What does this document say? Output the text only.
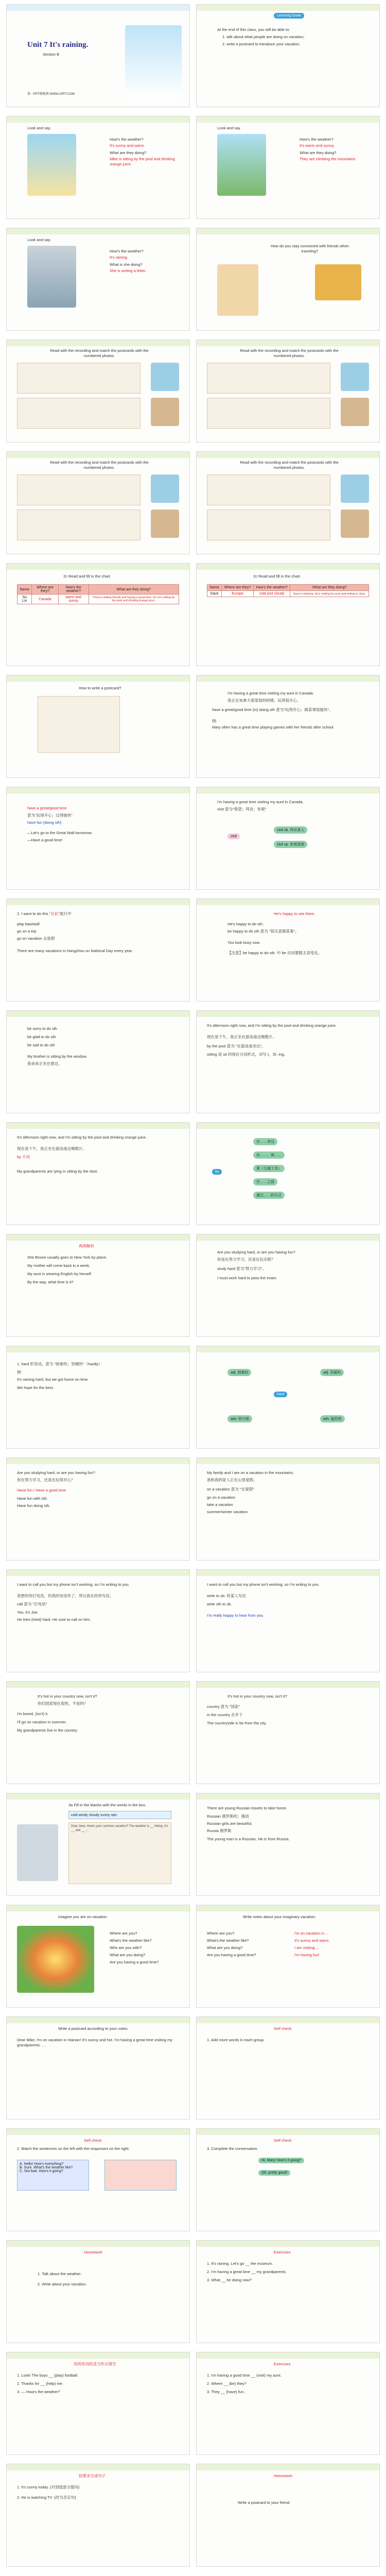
Unit 7 It's raining.
Section B
第一PPT模板网-WWW.1PPT.COM
Learning Goals
At the end of this class, you will be able to:
1. talk about what people are doing on vacation;
2. write a postcard to introduce your vacation.
Look and say.
How's the weather?
It's sunny and warm.
What are they doing?
Mike is sitting by the pool and drinking orange juice.
Look and say.
How's the weather?
It's warm and sunny.
What are they doing?
They are climbing the mountains.
Look and say.
How's the weather?
It's raining.
What is she doing?
She is writing a letter.
How do you stay connected with friends when traveling?
Read with the recording and match the postcards with the numbered photos.
Read with the recording and match the postcards with the numbered photos.
Read with the recording and match the postcards with the numbered photos.
Read with the recording and match the postcards with the numbered photos.
2c Read and fill in the chart.
Name	Where are they?	How's the weather?	What are they doing?
Su Lin	Canada	warm and sunny	They're visiting friends and having a great time. Su Lin's sitting by the pool and drinking orange juice.
2c Read and fill in the chart.
Name	Where are they?	How's the weather?	What are they doing?
Dave	Europe	cold and cloudy	Dave's studying. He's visiting his aunt and writing to Jane.
How to write a postcard?
I'm having a great time visiting my aunt in Canada.
我正在加拿大看望我的阿姨，玩得很开心。
have a great/good time (in) doing sth 意为"玩得开心；做某事很愉快"。
例:
Mary often has a great time playing games with her friends after school.
have a great/good time
意为"玩得开心；过得愉快"
have fun (doing sth)
—Let's go to the Great Wall tomorrow.
—Have a good time!
I'm having a great time visiting my aunt in Canada.
visit 意为"看望；拜访；参观"
visit
visit sb. 拜访某人
visit sp. 参观某地
2. I want to do this "在此"旅行中
play baseball
go on a trip
go on vacation 去度假
There are many vacations in Hangzhou on National Day every year.
He's happy to see them.
He's happy to do sth.
be happy to do sth 意为 "很乐意做某事"。
You look busy now.
【注意】be happy to do sth. 中 be 动词要随主语变化。
be sorry to do sth
be glad to do sth
be sad to do sth
My brother is sitting by the window.
我弟弟正坐在窗边。
It's afternoon right now, and I'm sitting by the pool and drinking orange juice.
现在是下午，我正坐在游泳池边喝橙汁。
by the pool 意为 "在游泳池旁边"。
sitting 是 sit 的现在分词形式，双写 t，加 -ing。
It's afternoon right now, and I'm sitting by the pool and drinking orange juice.
现在是下午，我正坐在游泳池边喝橙汁。
by 介词
My grandparents are lying in sitting by the door.	by
在……旁边
由……，被……
乘（交通工具）
在……之前
通过……的方式
典例解析
She Brown usually goes to New York by plane.
My mother will come back in a week.
My aunt is wearing English by herself.
By the way, what time is it?
Are you studying hard, or are you having fun?
你是在努力学习，还是在玩乐呢？
study hard 意为"努力学习"。
I must work hard to pass the exam.
1. hard 形容词，意为 "困难的；坚硬的"（hardly）
例：
It's raining hard, but we got home on time.
We hope for the best.
hard
adj. 困难的	adj. 坚硬的
adv. 努力地	adv. 猛烈地
Are you studying hard, or are you having fun?
你在努力学习，还是在玩得开心？
Have fun / Have a good time
Have fun with sth.
Have fun doing sth.
My family and I are on a vacation in the mountains.
我和我的家人正在山里度假。
on a vacation 意为 "在度假"
go on a vacation
take a vacation
summer/winter vacation
I want to call you but my phone isn't working, so I'm writing to you.
我想给你打电话，但我的电话坏了，所以我在给你写信。
call 意为 "打电话"
Yes, it's Joe.
He tries (tried) hard. He sure to call on him.
I want to call you but my phone isn't working, so I'm writing to you.
write to sb. 给某人写信
write sth to sb.
I'm really happy to hear from you.
It's hot in your country now, isn't it?
你们国家现在很热，不是吗？
I'm bored, (isn't) it.
I'll go on vacation in summer.
My grandparents live in the country.
It's hot in your country now, isn't it?
country 意为 "国家"
in the country 在乡下
The countryside is far from the city.
3a Fill in the blanks with the words in the box.
cold windy cloudy sunny rain
Dear Jane, How's your summer vacation? The weather is __ hiking. It's __ and __ ...
There are young Russian travels to take home.
Russian 俄罗斯的；俄语
Russian girls are beautiful.
Russia 俄罗斯
The young man is a Russian. He is from Russia.
Imagine you are on vacation.
Where are you?
What's the weather like?
Who are you with?
What are you doing?
Are you having a good time?
Write notes about your imaginary vacation.
Where are you?
What's the weather like?
What are you doing?
Are you having a good time?
I'm on vacation in ...
It's sunny and warm.
I am visiting ...
I'm having fun!
Write a postcard according to your notes.
Dear Mike, I'm on vacation in Hainan! It's sunny and hot. I'm having a great time visiting my grandparents. ...
Self check
1. Add more words in each group.
Self check
2. Match the sentences on the left with the responses on the right.
A. Hello! How's everything?
B. Sure. What's the weather like?
C. Not bad. How's it going?
Self check
3. Complete the conversation.
Hi, Mary! How's it going?
Oh, pretty good!
Homework
1. Talk about the weather.
2. Write about your vacation.
Exercises
1. It's raining. Let's go __ the museum.
2. I'm having a great time __ my grandparents.
3. What __ he doing now?
用所给词的适当形式填空
1. Look! The boys __ (play) football.
2. Thanks for __ (help) me.
3. — How's the weather?
Exercises
1. I'm having a good time __ (visit) my aunt.
2. Where __ (be) they?
3. They __ (have) fun.
按要求完成句子
1. It's sunny today. (对划线部分提问)
2. He is watching TV. (改为否定句)
Homework
Write a postcard to your friend.
